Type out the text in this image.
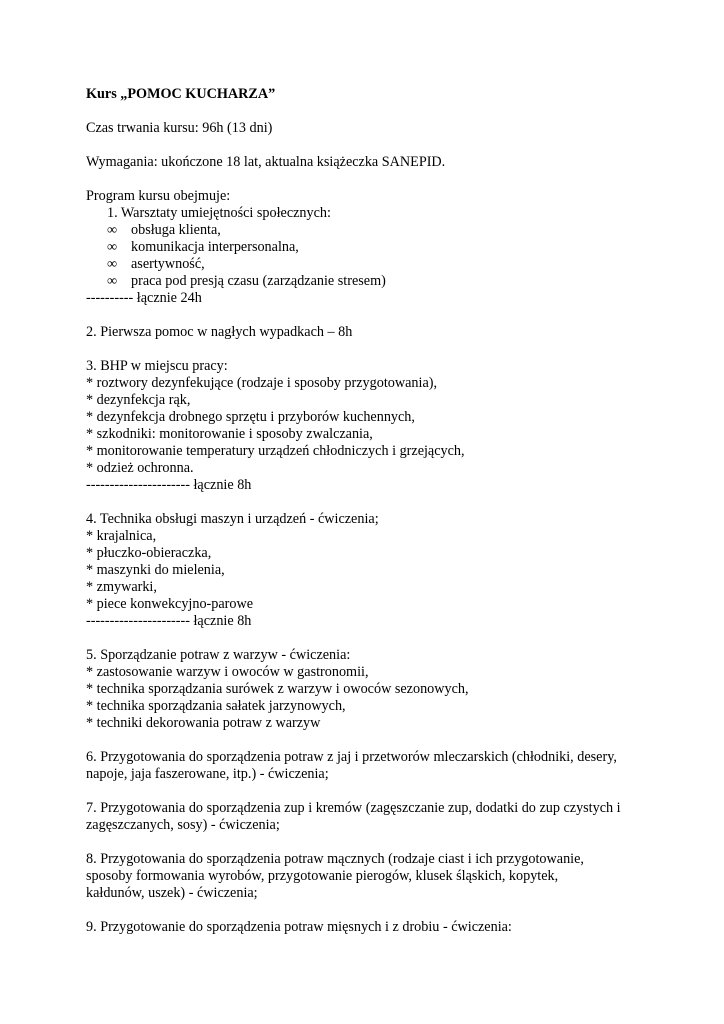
Kurs „POMOC KUCHARZA”
Czas trwania kursu: 96h (13 dni)
Wymagania: ukończone 18 lat, aktualna książeczka SANEPID.
Program kursu obejmuje:
1. Warsztaty umiejętności społecznych:
∞ obsługa klienta,
∞ komunikacja interpersonalna,
∞ asertywność,
∞ praca pod presją czasu (zarządzanie stresem)
---------- łącznie 24h
2. Pierwsza pomoc w nagłych wypadkach – 8h
3. BHP w miejscu pracy:
* roztwory dezynfekujące (rodzaje i sposoby przygotowania),
* dezynfekcja rąk,
* dezynfekcja drobnego sprzętu i przyborów kuchennych,
* szkodniki: monitorowanie i sposoby zwalczania,
* monitorowanie temperatury urządzeń chłodniczych i grzejących,
* odzież ochronna.
---------------------- łącznie 8h
4. Technika obsługi maszyn i urządzeń - ćwiczenia;
* krajalnica,
* płuczko-obieraczka,
* maszynki do mielenia,
* zmywarki,
* piece konwekcyjno-parowe
---------------------- łącznie 8h
5. Sporządzanie potraw z warzyw - ćwiczenia:
* zastosowanie warzyw i owoców w gastronomii,
* technika sporządzania surówek z warzyw i owoców sezonowych,
* technika sporządzania sałatek jarzynowych,
* techniki dekorowania potraw z warzyw
6. Przygotowania do sporządzenia potraw z jaj i przetworów mleczarskich (chłodniki, desery,
napoje, jaja faszerowane, itp.) - ćwiczenia;
7. Przygotowania do sporządzenia zup i kremów (zagęszczanie zup, dodatki do zup czystych i
zagęszczanych, sosy) - ćwiczenia;
8. Przygotowania do sporządzenia potraw mącznych (rodzaje ciast i ich przygotowanie,
sposoby formowania wyrobów, przygotowanie pierogów, klusek śląskich, kopytek,
kałdunów, uszek) - ćwiczenia;
9. Przygotowanie do sporządzenia potraw mięsnych i z drobiu - ćwiczenia:
